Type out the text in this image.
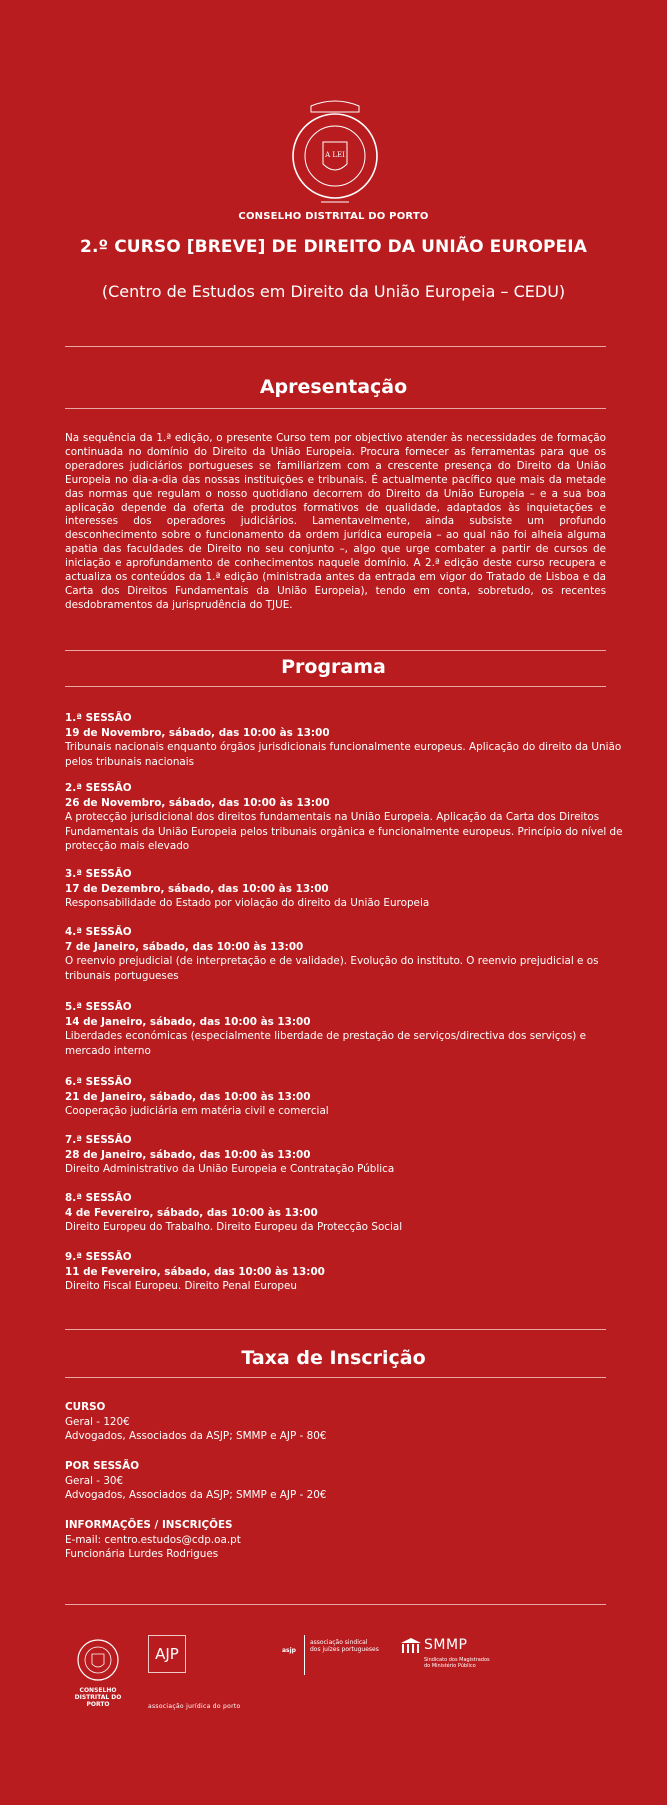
A LEI
CONSELHO DISTRITAL DO PORTO
2.º CURSO [BREVE] DE DIREITO DA UNIÃO EUROPEIA
(Centro de Estudos em Direito da União Europeia – CEDU)
Apresentação

Na sequência da 1.ª edição, o presente Curso tem por objectivo atender às necessidades de formação continuada no domínio do Direito da União Europeia. Procura fornecer as ferramentas para que os operadores judiciários portugueses se familiarizem com a crescente presença do Direito da União Europeia no dia-a-dia das nossas instituições e tribunais. É actualmente pacífico que mais da metade das normas que regulam o nosso quotidiano decorrem do Direito da União Europeia – e a sua boa aplicação depende da oferta de produtos formativos de qualidade, adaptados às inquietações e interesses dos operadores judiciários. Lamentavelmente, ainda subsiste um profundo desconhecimento sobre o funcionamento da ordem jurídica europeia – ao qual não foi alheia alguma apatia das faculdades de Direito no seu conjunto –, algo que urge combater a partir de cursos de iniciação e aprofundamento de conhecimentos naquele domínio. A 2.ª edição deste curso recupera e actualiza os conteúdos da 1.ª edição (ministrada antes da entrada em vigor do Tratado de Lisboa e da Carta dos Direitos Fundamentais da União Europeia), tendo em conta, sobretudo, os recentes desdobramentos da jurisprudência do TJUE.

Programa
1.ª SESSÃO
19 de Novembro, sábado, das 10:00 às 13:00
Tribunais nacionais enquanto órgãos jurisdicionais funcionalmente europeus. Aplicação do direito da União pelos tribunais nacionais
2.ª SESSÃO
26 de Novembro, sábado, das 10:00 às 13:00
A protecção jurisdicional dos direitos fundamentais na União Europeia. Aplicação da Carta dos Direitos Fundamentais da União Europeia pelos tribunais orgânica e funcionalmente europeus. Princípio do nível de protecção mais elevado
3.ª SESSÃO
17 de Dezembro, sábado, das 10:00 às 13:00
Responsabilidade do Estado por violação do direito da União Europeia
4.ª SESSÃO
7 de Janeiro, sábado, das 10:00 às 13:00
O reenvio prejudicial (de interpretação e de validade). Evolução do instituto. O reenvio prejudicial e os tribunais portugueses
5.ª SESSÃO
14 de Janeiro, sábado, das 10:00 às 13:00
Liberdades económicas (especialmente liberdade de prestação de serviços/directiva dos serviços) e mercado interno
6.ª SESSÃO
21 de Janeiro, sábado, das 10:00 às 13:00
Cooperação judiciária em matéria civil e comercial
7.ª SESSÃO
28 de Janeiro, sábado, das 10:00 às 13:00
Direito Administrativo da União Europeia e Contratação Pública
8.ª SESSÃO
4 de Fevereiro, sábado, das 10:00 às 13:00
Direito Europeu do Trabalho. Direito Europeu da Protecção Social
9.ª SESSÃO
11 de Fevereiro, sábado, das 10:00 às 13:00
Direito Fiscal Europeu. Direito Penal Europeu
Taxa de Inscrição
CURSO
Geral - 120€
Advogados, Associados da ASJP; SMMP e AJP - 80€
POR SESSÃO
Geral - 30€
Advogados, Associados da ASJP; SMMP e AJP - 20€
INFORMAÇÕES / INSCRIÇÕES
E-mail: centro.estudos@cdp.oa.pt
Funcionária Lurdes Rodrigues
CONSELHO DISTRITAL DO PORTO
AJP
associação jurídica do porto
asjp
associação sindical
dos juízes portugueses	SMMP
Sindicato dos Magistrados
do Ministério Público
